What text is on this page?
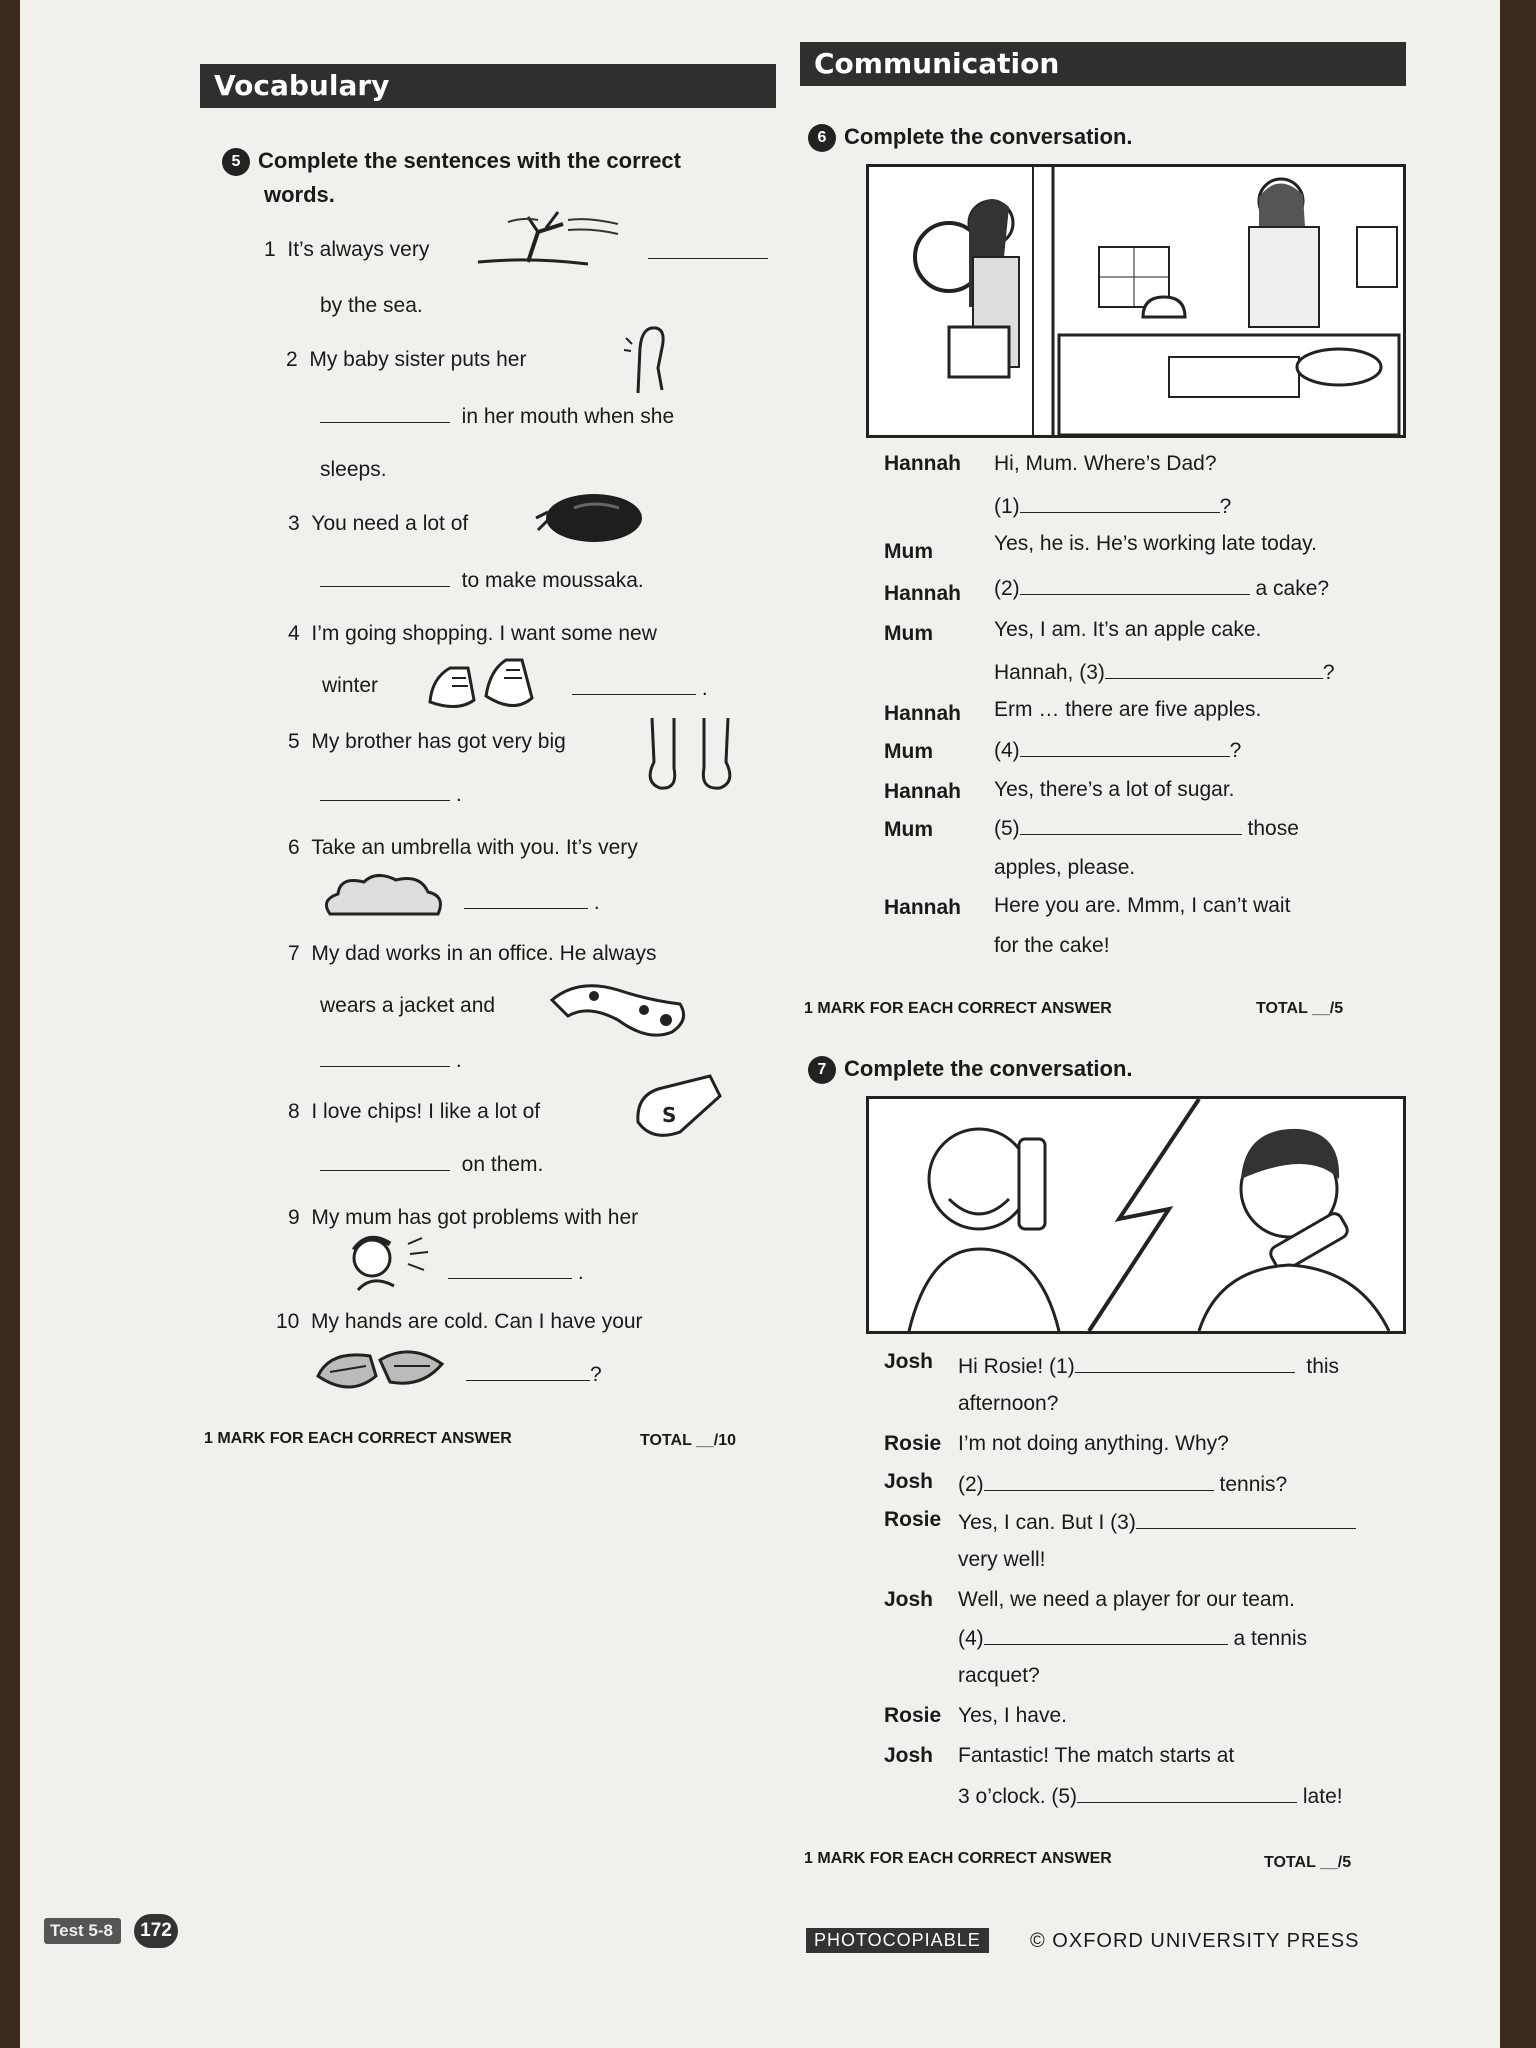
Vocabulary
5 Complete the sentences with the correct
words.
1 It’s always very
by the sea.
2 My baby sister puts her
in her mouth when she
sleeps.
3 You need a lot of
to make moussaka.
4 I’m going shopping. I want some new
winter	.
5 My brother has got very big
.
6 Take an umbrella with you. It’s very
.
7 My dad works in an office. He always
wears a jacket and
.
8 I love chips! I like a lot of	S
on them.
9 My mum has got problems with her
.
10 My hands are cold. Can I have your
?
1 MARK FOR EACH CORRECT ANSWER	TOTAL __/10
Communication
6 Complete the conversation.
Hannah Hi, Mum. Where’s Dad?
(1)	?
Mum	Yes, he is. He’s working late today.
Hannah (2)	a cake?
Mum	Yes, I am. It’s an apple cake.
Hannah, (3)	?
Hannah Erm … there are five apples.
Mum	(4)	?
Hannah Yes, there’s a lot of sugar.
Mum	(5)	those
apples, please.
Hannah Here you are. Mmm, I can’t wait
for the cake!
1 MARK FOR EACH CORRECT ANSWER	TOTAL __/5
7 Complete the conversation.
Josh Hi Rosie! (1)	this
afternoon?
Rosie I’m not doing anything. Why?
Josh (2)	tennis?
Rosie Yes, I can. But I (3)
very well!
Josh Well, we need a player for our team.
(4)	a tennis
racquet?
Rosie Yes, I have.
Josh Fantastic! The match starts at
3 o’clock. (5)	late!
1 MARK FOR EACH CORRECT ANSWER	TOTAL __/5
Test 5-8	172	PHOTOCOPIABLE	© OXFORD UNIVERSITY PRESS
